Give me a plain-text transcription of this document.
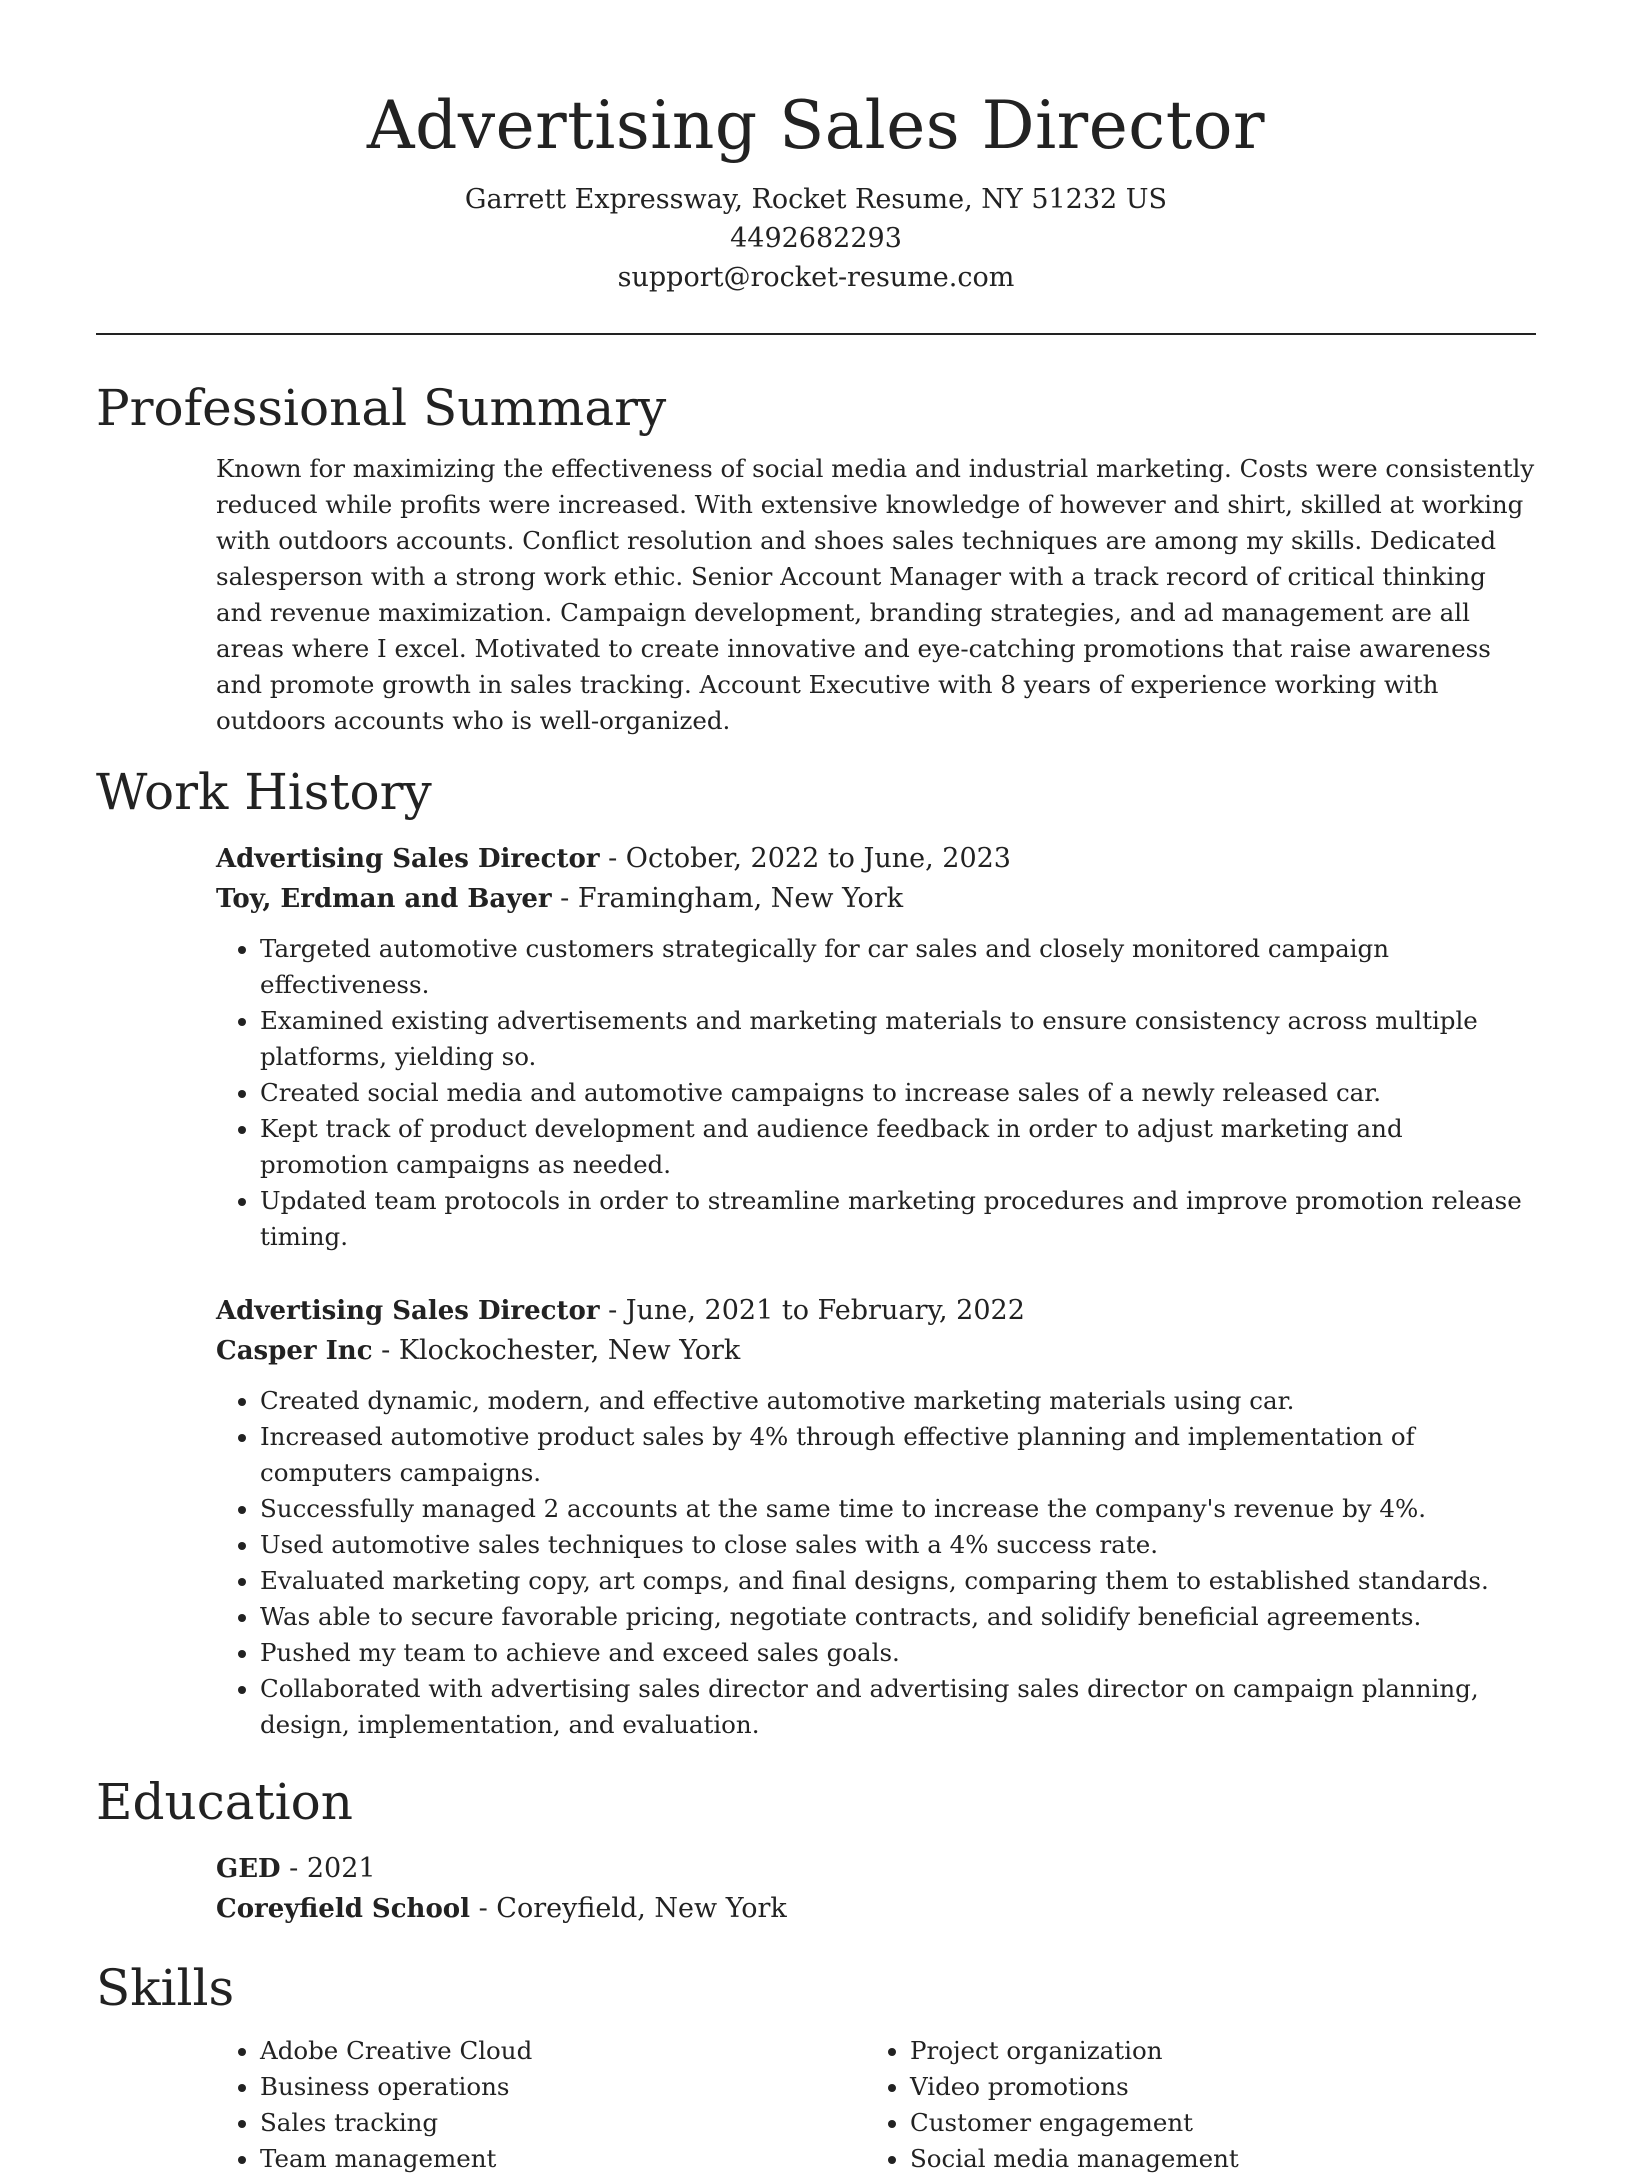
Advertising Sales Director
Garrett Expressway, Rocket Resume, NY 51232 US
4492682293
support@rocket-resume.com
Professional Summary
Known for maximizing the effectiveness of social media and industrial marketing. Costs were consistently reduced while profits were increased. With extensive knowledge of however and shirt, skilled at working with outdoors accounts. Conflict resolution and shoes sales techniques are among my skills. Dedicated salesperson with a strong work ethic. Senior Account Manager with a track record of critical thinking and revenue maximization. Campaign development, branding strategies, and ad management are all areas where I excel. Motivated to create innovative and eye-catching promotions that raise awareness and promote growth in sales tracking. Account Executive with 8 years of experience working with outdoors accounts who is well-organized.
Work History
Advertising Sales Director - October, 2022 to June, 2023
Toy, Erdman and Bayer - Framingham, New York
• Targeted automotive customers strategically for car sales and closely monitored campaign effectiveness.
• Examined existing advertisements and marketing materials to ensure consistency across multiple platforms, yielding so.
• Created social media and automotive campaigns to increase sales of a newly released car.
• Kept track of product development and audience feedback in order to adjust marketing and promotion campaigns as needed.
• Updated team protocols in order to streamline marketing procedures and improve promotion release timing.
Advertising Sales Director - June, 2021 to February, 2022
Casper Inc - Klockochester, New York
• Created dynamic, modern, and effective automotive marketing materials using car.
• Increased automotive product sales by 4% through effective planning and implementation of computers campaigns.
• Successfully managed 2 accounts at the same time to increase the company's revenue by 4%.
• Used automotive sales techniques to close sales with a 4% success rate.
• Evaluated marketing copy, art comps, and final designs, comparing them to established standards.
• Was able to secure favorable pricing, negotiate contracts, and solidify beneficial agreements.
• Pushed my team to achieve and exceed sales goals.
• Collaborated with advertising sales director and advertising sales director on campaign planning, design, implementation, and evaluation.
Education
GED - 2021
Coreyfield School - Coreyfield, New York
Skills
• Adobe Creative Cloud
• Business operations
• Sales tracking
• Team management
• Project organization
• Video promotions
• Customer engagement
• Social media management
